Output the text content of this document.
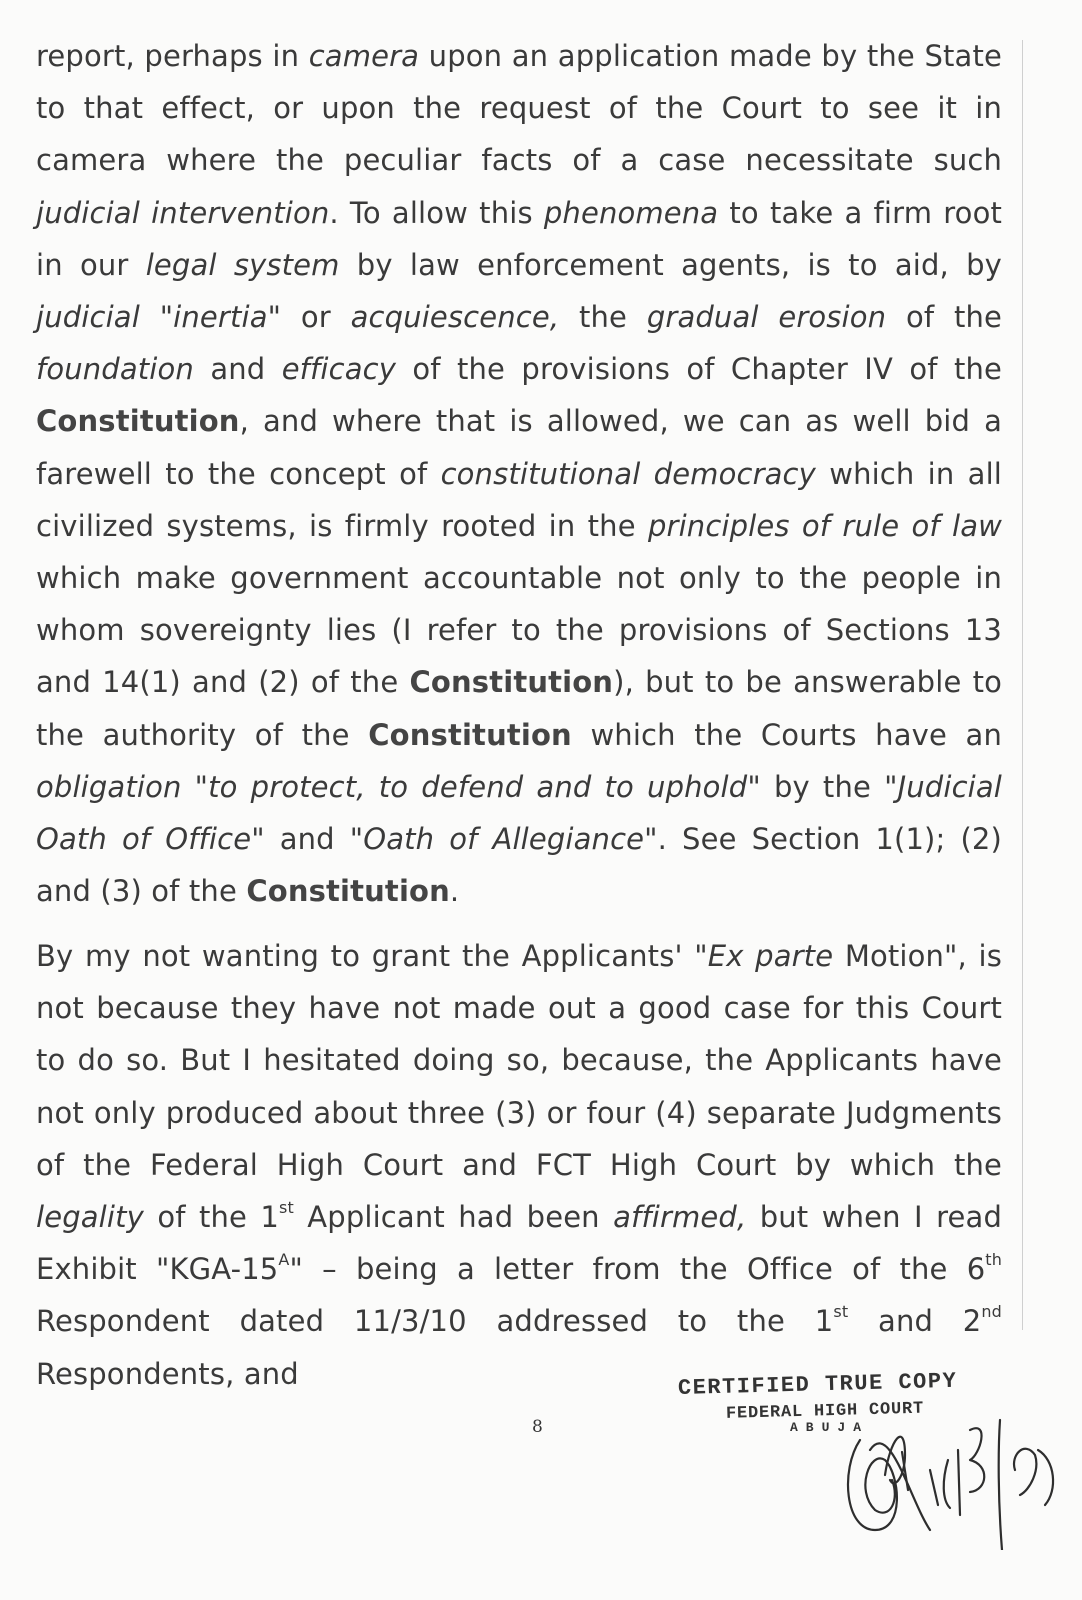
report, perhaps in camera upon an application made by the State to that effect, or upon the request of the Court to see it in camera where the peculiar facts of a case necessitate such judicial intervention. To allow this phenomena to take a firm root in our legal system by law enforcement agents, is to aid, by judicial "inertia" or acquiescence, the gradual erosion of the foundation and efficacy of the provisions of Chapter IV of the Constitution, and where that is allowed, we can as well bid a farewell to the concept of constitutional democracy which in all civilized systems, is firmly rooted in the principles of rule of law which make government accountable not only to the people in whom sovereignty lies (I refer to the provisions of Sections 13 and 14(1) and (2) of the Constitution), but to be answerable to the authority of the Constitution which the Courts have an obligation "to protect, to defend and to uphold" by the "Judicial Oath of Office" and "Oath of Allegiance". See Section 1(1); (2) and (3) of the Constitution.

By my not wanting to grant the Applicants' "Ex parte Motion", is not because they have not made out a good case for this Court to do so. But I hesitated doing so, because, the Applicants have not only produced about three (3) or four (4) separate Judgments of the Federal High Court and FCT High Court by which the legality of the 1st Applicant had been affirmed, but when I read Exhibit "$KGA-15^A$" – being a letter from the Office of the 6th Respondent dated 11/3/10 addressed to the 1st and 2nd Respondents, and

8
CERTIFIED TRUE COPY
FEDERAL HIGH COURT
ABUJA
